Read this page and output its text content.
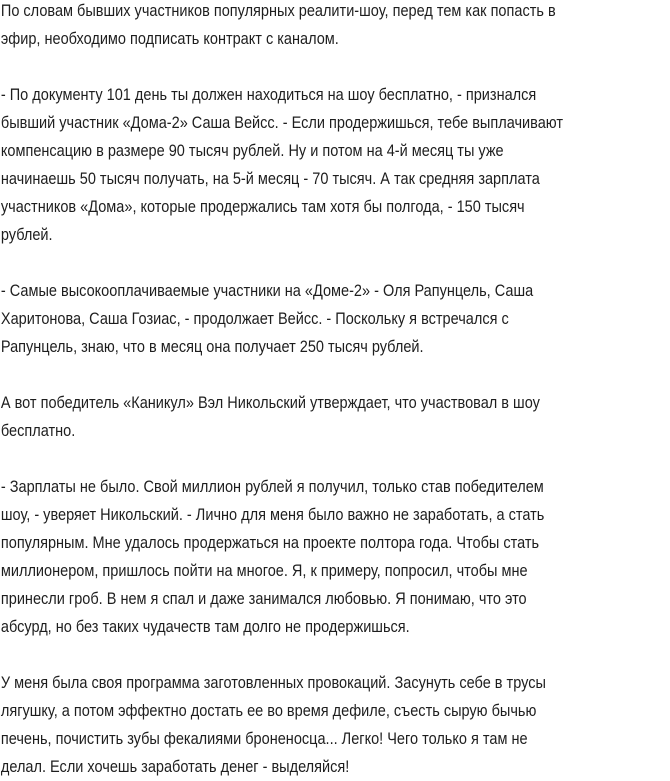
По словам бывших участников популярных реалити-шоу, перед тем как попасть в
эфир, необходимо подписать контракт с каналом.

- По документу 101 день ты должен находиться на шоу бесплатно, - признался
бывший участник «Дома-2» Саша Вейсс. - Если продержишься, тебе выплачивают
компенсацию в размере 90 тысяч рублей. Ну и потом на 4-й месяц ты уже
начинаешь 50 тысяч получать, на 5-й месяц - 70 тысяч. А так средняя зарплата
участников «Дома», которые продержались там хотя бы полгода, - 150 тысяч
рублей.

- Самые высокооплачиваемые участники на «Доме-2» - Оля Рапунцель, Саша
Харитонова, Саша Гозиас, - продолжает Вейсс. - Поскольку я встречался с
Рапунцель, знаю, что в месяц она получает 250 тысяч рублей.

А вот победитель «Каникул» Вэл Никольский утверждает, что участвовал в шоу
бесплатно.

- Зарплаты не было. Свой миллион рублей я получил, только став победителем
шоу, - уверяет Никольский. - Лично для меня было важно не заработать, а стать
популярным. Мне удалось продержаться на проекте полтора года. Чтобы стать
миллионером, пришлось пойти на многое. Я, к примеру, попросил, чтобы мне
принесли гроб. В нем я спал и даже занимался любовью. Я понимаю, что это
абсурд, но без таких чудачеств там долго не продержишься.

У меня была своя программа заготовленных провокаций. Засунуть себе в трусы
лягушку, а потом эффектно достать ее во время дефиле, съесть сырую бычью
печень, почистить зубы фекалиями броненосца... Легко! Чего только я там не
делал. Если хочешь заработать денег - выделяйся!
